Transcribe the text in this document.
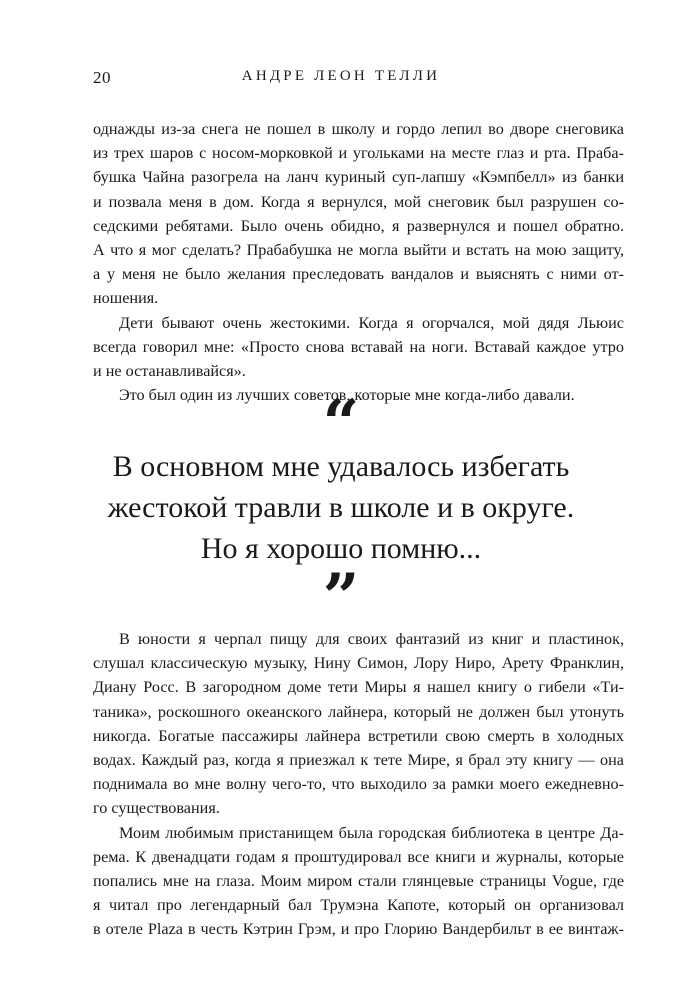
20	АНДРЕ ЛЕОН ТЕЛЛИ
однажды из-за снега не пошел в школу и гордо лепил во дворе снеговика
из трех шаров с носом-морковкой и угольками на месте глаз и рта. Праба-
бушка Чайна разогрела на ланч куриный суп-лапшу «Кэмпбелл» из банки
и позвала меня в дом. Когда я вернулся, мой снеговик был разрушен со-
седскими ребятами. Было очень обидно, я развернулся и пошел обратно.
А что я мог сделать? Прабабушка не могла выйти и встать на мою защиту,
а у меня не было желания преследовать вандалов и выяснять с ними от-
ношения.
Дети бывают очень жестокими. Когда я огорчался, мой дядя Льюис
всегда говорил мне: «Просто снова вставай на ноги. Вставай каждое утро
и не останавливайся».
Это был один из лучших советов, которые мне когда-либо давали.
“
В основном мне удавалось избегать
жестокой травли в школе и в округе.
Но я хорошо помню...
”
В юности я черпал пищу для своих фантазий из книг и пластинок,
слушал классическую музыку, Нину Симон, Лору Ниро, Арету Франклин,
Диану Росс. В загородном доме тети Миры я нашел книгу о гибели «Ти-
таника», роскошного океанского лайнера, который не должен был утонуть
никогда. Богатые пассажиры лайнера встретили свою смерть в холодных
водах. Каждый раз, когда я приезжал к тете Мире, я брал эту книгу — она
поднимала во мне волну чего-то, что выходило за рамки моего ежедневно-
го существования.
Моим любимым пристанищем была городская библиотека в центре Да-
рема. К двенадцати годам я проштудировал все книги и журналы, которые
попались мне на глаза. Моим миром стали глянцевые страницы Vogue, где
я читал про легендарный бал Трумэна Капоте, который он организовал
в отеле Plaza в честь Кэтрин Грэм, и про Глорию Вандербильт в ее винтаж-
